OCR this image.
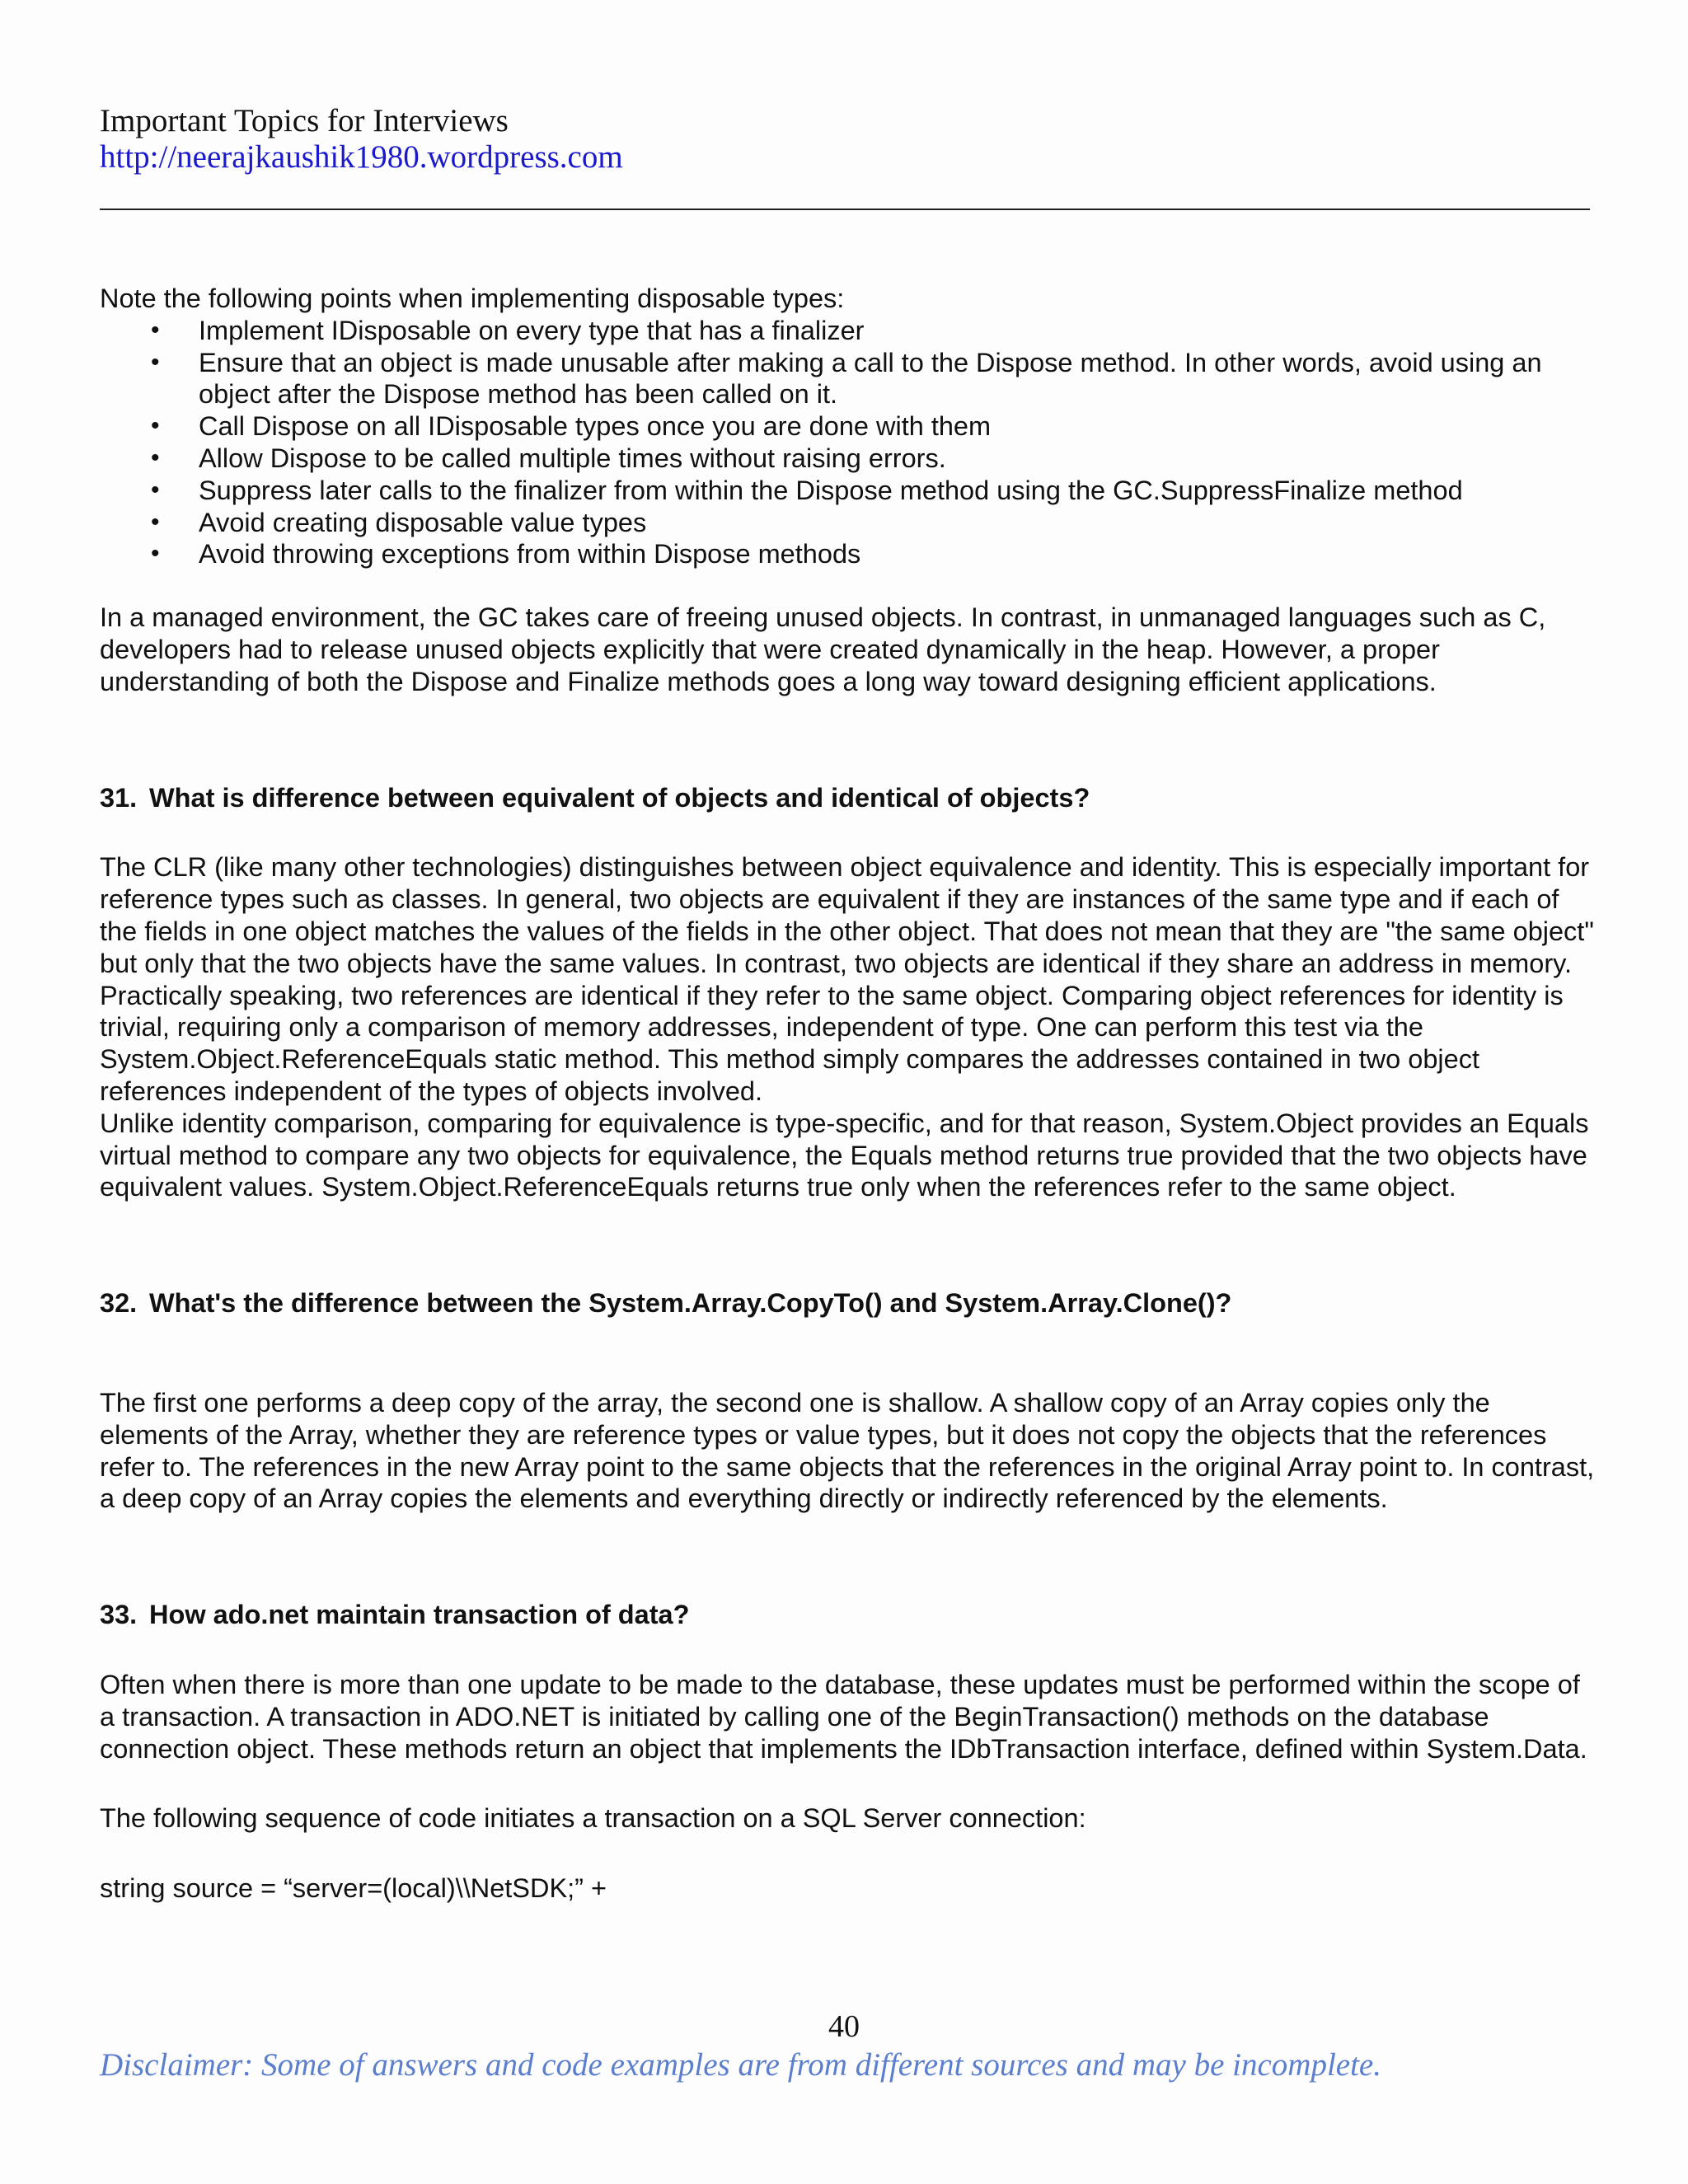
Important Topics for Interviews
http://neerajkaushik1980.wordpress.com

Note the following points when implementing disposable types:

• Implement IDisposable on every type that has a finalizer
• Ensure that an object is made unusable after making a call to the Dispose method. In other words, avoid using an object after the Dispose method has been called on it.
• Call Dispose on all IDisposable types once you are done with them
• Allow Dispose to be called multiple times without raising errors.
• Suppress later calls to the finalizer from within the Dispose method using the GC.SuppressFinalize method
• Avoid creating disposable value types
• Avoid throwing exceptions from within Dispose methods

In a managed environment, the GC takes care of freeing unused objects. In contrast, in unmanaged languages such as C, developers had to release unused objects explicitly that were created dynamically in the heap. However, a proper understanding of both the Dispose and Finalize methods goes a long way toward designing efficient applications.

31. What is difference between equivalent of objects and identical of objects?

The CLR (like many other technologies) distinguishes between object equivalence and identity. This is especially important for reference types such as classes. In general, two objects are equivalent if they are instances of the same type and if each of the fields in one object matches the values of the fields in the other object. That does not mean that they are "the same object" but only that the two objects have the same values. In contrast, two objects are identical if they share an address in memory. Practically speaking, two references are identical if they refer to the same object. Comparing object references for identity is trivial, requiring only a comparison of memory addresses, independent of type. One can perform this test via the System.Object.ReferenceEquals static method. This method simply compares the addresses contained in two object references independent of the types of objects involved.

Unlike identity comparison, comparing for equivalence is type-specific, and for that reason, System.Object provides an Equals virtual method to compare any two objects for equivalence, the Equals method returns true provided that the two objects have equivalent values. System.Object.ReferenceEquals returns true only when the references refer to the same object.

32. What's the difference between the System.Array.CopyTo() and System.Array.Clone()?

The first one performs a deep copy of the array, the second one is shallow. A shallow copy of an Array copies only the elements of the Array, whether they are reference types or value types, but it does not copy the objects that the references refer to. The references in the new Array point to the same objects that the references in the original Array point to. In contrast, a deep copy of an Array copies the elements and everything directly or indirectly referenced by the elements.

33. How ado.net maintain transaction of data?

Often when there is more than one update to be made to the database, these updates must be performed within the scope of a transaction. A transaction in ADO.NET is initiated by calling one of the BeginTransaction() methods on the database connection object. These methods return an object that implements the IDbTransaction interface, defined within System.Data.

The following sequence of code initiates a transaction on a SQL Server connection:

string source = “server=(local)\\NetSDK;” +

40
Disclaimer: Some of answers and code examples are from different sources and may be incomplete.
